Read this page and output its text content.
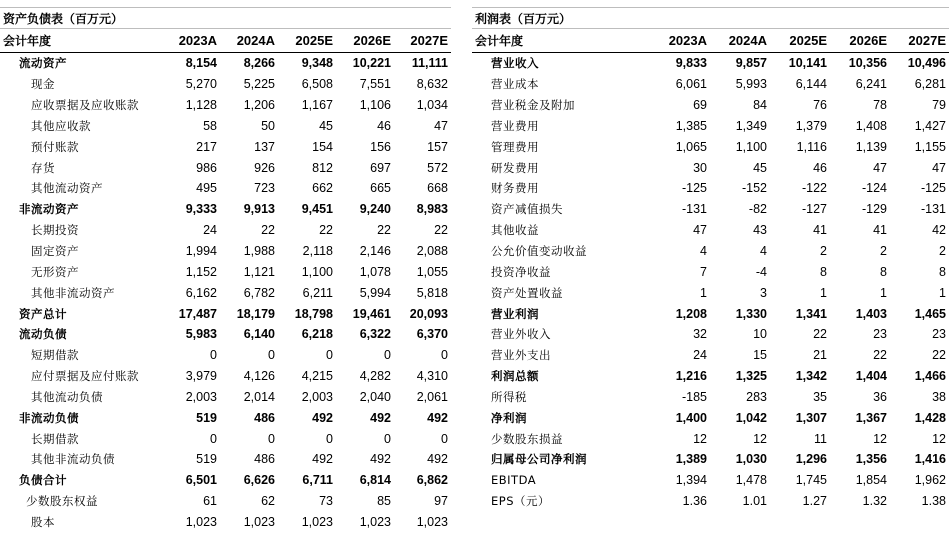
资产负债表（百万元）
会计年度	2023A	2024A	2025E	2026E	2027E
流动资产	8,154	8,266	9,348	10,221	11,111
现金	5,270	5,225	6,508	7,551	8,632
应收票据及应收账款	1,128	1,206	1,167	1,106	1,034
其他应收款	58	50	45	46	47
预付账款	217	137	154	156	157
存货	986	926	812	697	572
其他流动资产	495	723	662	665	668
非流动资产	9,333	9,913	9,451	9,240	8,983
长期投资	24	22	22	22	22
固定资产	1,994	1,988	2,118	2,146	2,088
无形资产	1,152	1,121	1,100	1,078	1,055
其他非流动资产	6,162	6,782	6,211	5,994	5,818
资产总计	17,487	18,179	18,798	19,461	20,093
流动负债	5,983	6,140	6,218	6,322	6,370
短期借款	0	0	0	0	0
应付票据及应付账款	3,979	4,126	4,215	4,282	4,310
其他流动负债	2,003	2,014	2,003	2,040	2,061
非流动负债	519	486	492	492	492
长期借款	0	0	0	0	0
其他非流动负债	519	486	492	492	492
负债合计	6,501	6,626	6,711	6,814	6,862
少数股东权益	61	62	73	85	97
股本	1,023	1,023	1,023	1,023	1,023
利润表（百万元）
会计年度	2023A	2024A	2025E	2026E	2027E
营业收入	9,833	9,857	10,141	10,356	10,496
营业成本	6,061	5,993	6,144	6,241	6,281
营业税金及附加	69	84	76	78	79
营业费用	1,385	1,349	1,379	1,408	1,427
管理费用	1,065	1,100	1,116	1,139	1,155
研发费用	30	45	46	47	47
财务费用	-125	-152	-122	-124	-125
资产减值损失	-131	-82	-127	-129	-131
其他收益	47	43	41	41	42
公允价值变动收益	4	4	2	2	2
投资净收益	7	-4	8	8	8
资产处置收益	1	3	1	1	1
营业利润	1,208	1,330	1,341	1,403	1,465
营业外收入	32	10	22	23	23
营业外支出	24	15	21	22	22
利润总额	1,216	1,325	1,342	1,404	1,466
所得税	-185	283	35	36	38
净利润	1,400	1,042	1,307	1,367	1,428
少数股东损益	12	12	11	12	12
归属母公司净利润	1,389	1,030	1,296	1,356	1,416
EBITDA	1,394	1,478	1,745	1,854	1,962
EPS（元）	1.36	1.01	1.27	1.32	1.38
